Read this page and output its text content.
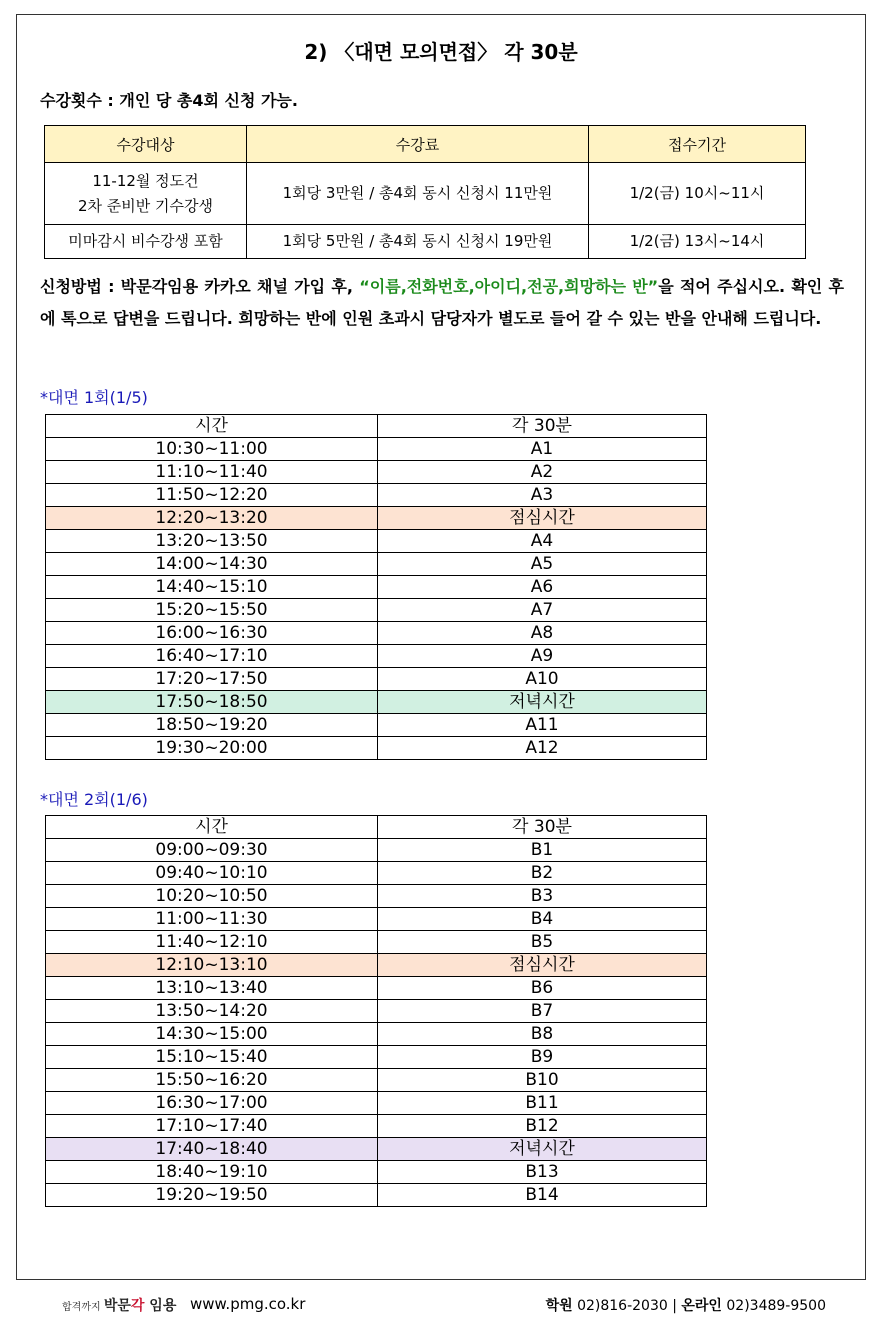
2) 〈대면 모의면접〉 각 30분
수강횟수 : 개인 당 총4회 신청 가능.
수강대상	수강료	접수기간

11-12월 정도건
2차 준비반 기수강생	1회당 3만원 / 총4회 동시 신청시 11만원	1/2(금) 10시~11시
미마감시 비수강생 포함	1회당 5만원 / 총4회 동시 신청시 19만원	1/2(금) 13시~14시
신청방법 : 박문각임용 카카오 채널 가입 후, “이름,전화번호,아이디,전공,희망하는 반”을 적어 주십시오. 확인 후에 톡으로 답변을 드립니다. 희망하는 반에 인원 초과시 담당자가 별도로 들어 갈 수 있는 반을 안내해 드립니다.
*대면 1회(1/5)
시간	각 30분
10:30~11:00	A1
11:10~11:40	A2
11:50~12:20	A3
12:20~13:20	점심시간
13:20~13:50	A4
14:00~14:30	A5
14:40~15:10	A6
15:20~15:50	A7
16:00~16:30	A8
16:40~17:10	A9
17:20~17:50	A10
17:50~18:50	저녁시간
18:50~19:20	A11
19:30~20:00	A12
*대면 2회(1/6)
시간	각 30분
09:00~09:30	B1
09:40~10:10	B2
10:20~10:50	B3
11:00~11:30	B4
11:40~12:10	B5
12:10~13:10	점심시간
13:10~13:40	B6
13:50~14:20	B7
14:30~15:00	B8
15:10~15:40	B9
15:50~16:20	B10
16:30~17:00	B11
17:10~17:40	B12
17:40~18:40	저녁시간
18:40~19:10	B13
19:20~19:50	B14
합격까지 박문각 임용 www.pmg.co.kr	학원 02)816-2030 | 온라인 02)3489-9500
